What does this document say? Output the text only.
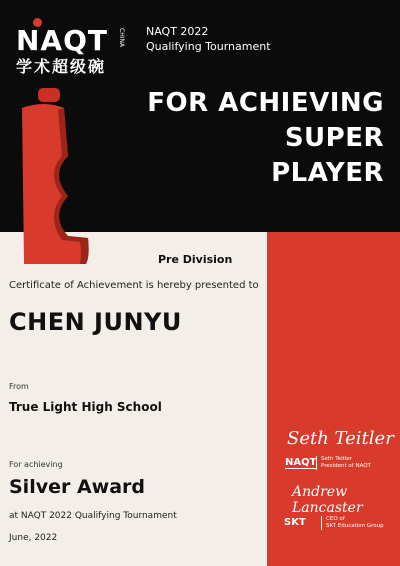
NAQT CHINA
学术超级碗
NAQT 2022
Qualifying Tournament
FOR ACHIEVING
SUPER
PLAYER
Pre Division
Certificate of Achievement is hereby presented to
CHEN JUNYU
From
True Light High School
For achieving
Silver Award
at NAQT 2022 Qualifying Tournament
June, 2022
Seth Teitler
NAQT Seth Teitler
President of NAQT
Andrew Lancaster
SKT	CEO of
SKT Education Group
